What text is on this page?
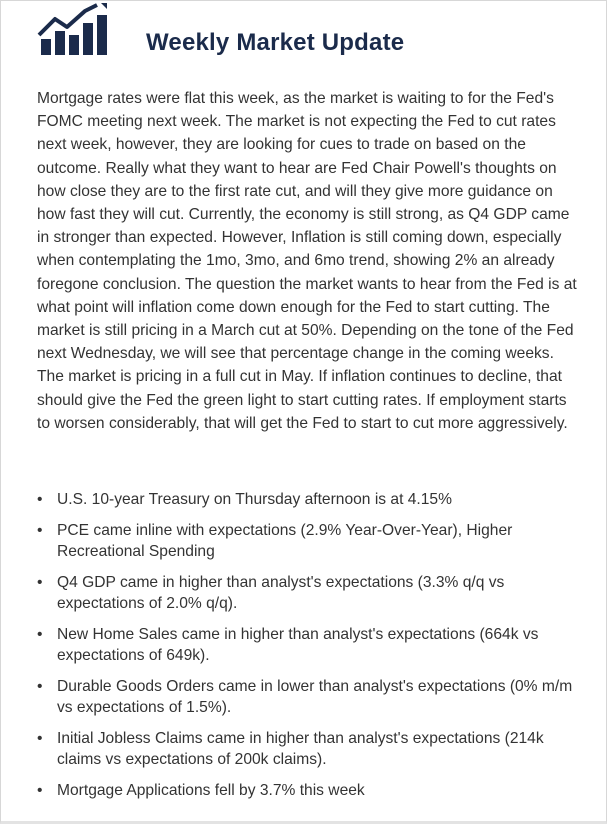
Weekly Market Update

Mortgage rates were flat this week, as the market is waiting to for the Fed's FOMC meeting next week. The market is not expecting the Fed to cut rates next week, however, they are looking for cues to trade on based on the outcome. Really what they want to hear are Fed Chair Powell's thoughts on how close they are to the first rate cut, and will they give more guidance on how fast they will cut. Currently, the economy is still strong, as Q4 GDP came in stronger than expected. However, Inflation is still coming down, especially when contemplating the 1mo, 3mo, and 6mo trend, showing 2% an already foregone conclusion. The question the market wants to hear from the Fed is at what point will inflation come down enough for the Fed to start cutting. The market is still pricing in a March cut at 50%. Depending on the tone of the Fed next Wednesday, we will see that percentage change in the coming weeks. The market is pricing in a full cut in May. If inflation continues to decline, that should give the Fed the green light to start cutting rates. If employment starts to worsen considerably, that will get the Fed to start to cut more aggressively.

• U.S. 10-year Treasury on Thursday afternoon is at 4.15%
• PCE came inline with expectations (2.9% Year-Over-Year), Higher Recreational Spending
• Q4 GDP came in higher than analyst's expectations (3.3% q/q vs expectations of 2.0% q/q).
• New Home Sales came in higher than analyst's expectations (664k vs expectations of 649k).
• Durable Goods Orders came in lower than analyst's expectations (0% m/m vs expectations of 1.5%).
• Initial Jobless Claims came in higher than analyst's expectations (214k claims vs expectations of 200k claims).
• Mortgage Applications fell by 3.7% this week
